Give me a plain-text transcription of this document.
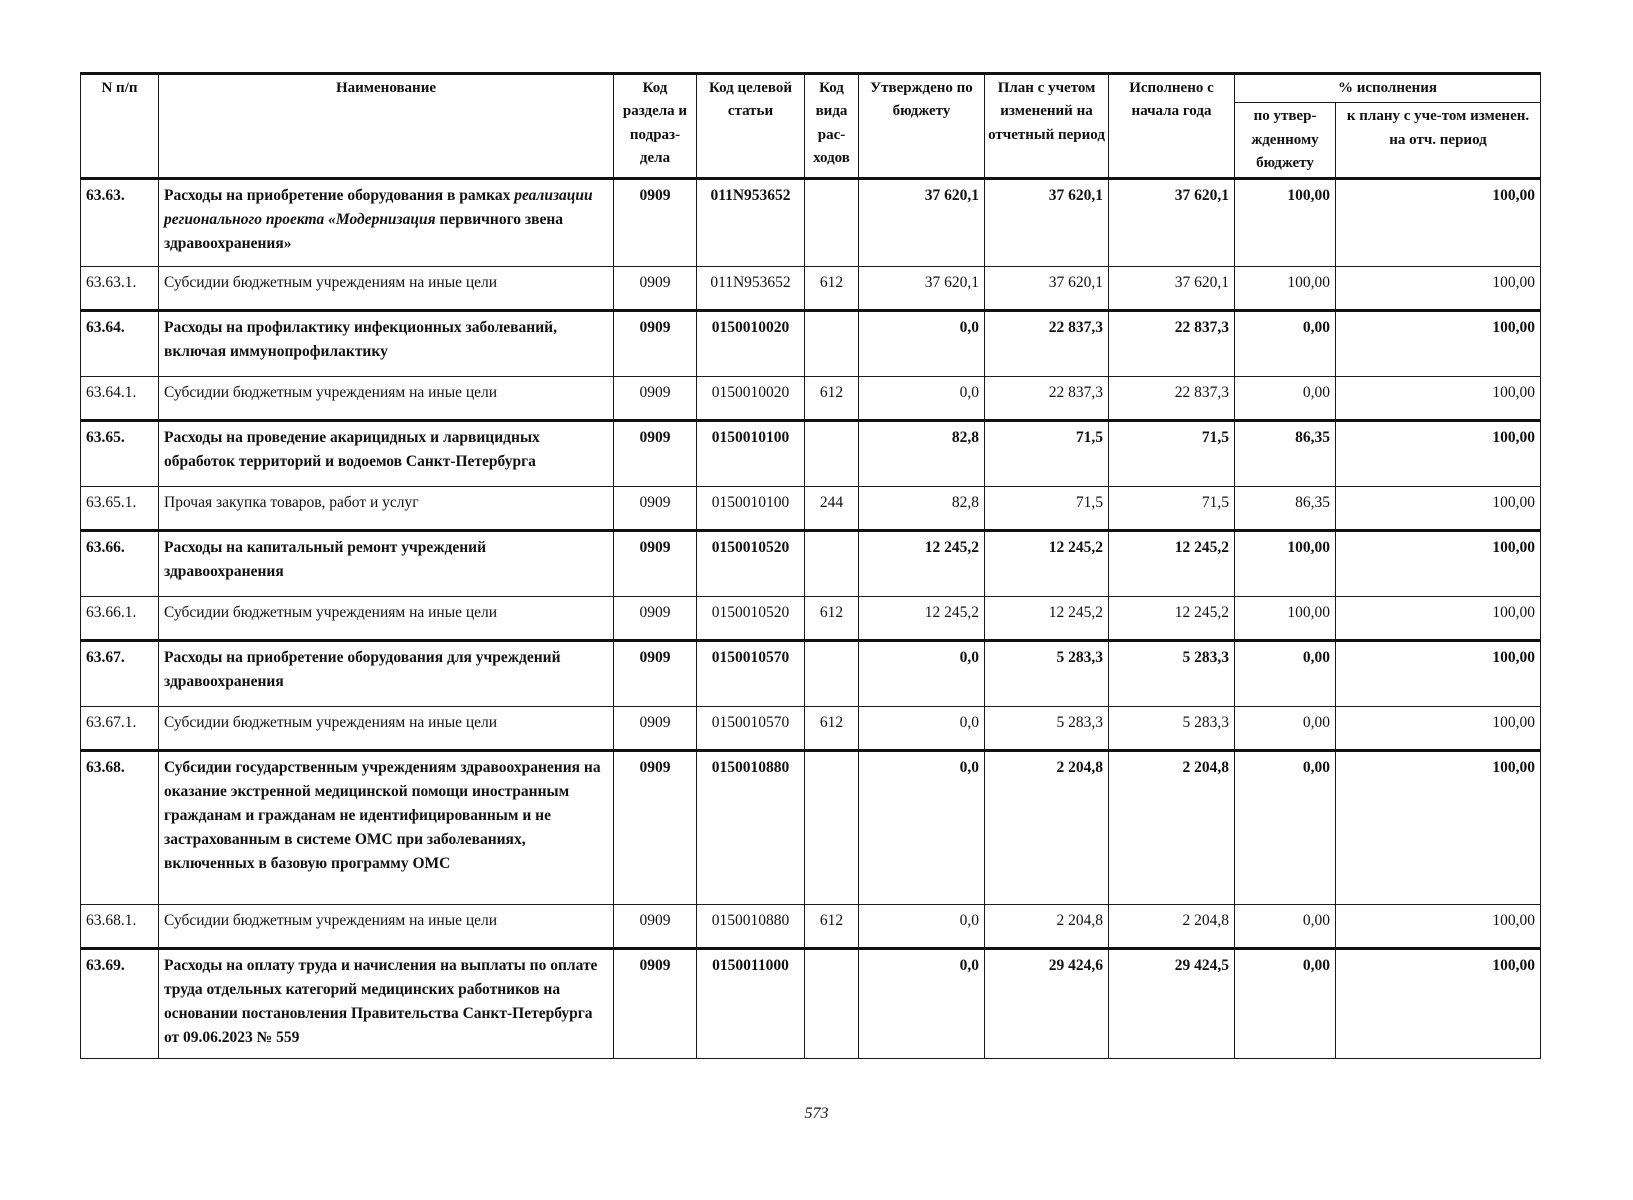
N п/п	Наименование	Код раздела и подраз-дела	Код целевой статьи	Код вида рас-ходов	Утверждено по бюджету	План с учетом изменений на отчетный период	Исполнено с начала года	% исполнения	
								по утвер-жденному бюджету	к плану с уче-том изменен. на отч. период
63.63.	Расходы на приобретение оборудования в рамках реализации регионального проекта «Модернизация первичного звена здравоохранения»	0909	011N953652		37 620,1	37 620,1	37 620,1	100,00	100,00
63.63.1.	Субсидии бюджетным учреждениям на иные цели	0909	011N953652	612	37 620,1	37 620,1	37 620,1	100,00	100,00
63.64.	Расходы на профилактику инфекционных заболеваний, включая иммунопрофилактику	0909	0150010020		0,0	22 837,3	22 837,3	0,00	100,00
63.64.1.	Субсидии бюджетным учреждениям на иные цели	0909	0150010020	612	0,0	22 837,3	22 837,3	0,00	100,00
63.65.	Расходы на проведение акарицидных и ларвицидных обработок территорий и водоемов Санкт-Петербурга	0909	0150010100		82,8	71,5	71,5	86,35	100,00
63.65.1.	Прочая закупка товаров, работ и услуг	0909	0150010100	244	82,8	71,5	71,5	86,35	100,00
63.66.	Расходы на капитальный ремонт учреждений здравоохранения	0909	0150010520		12 245,2	12 245,2	12 245,2	100,00	100,00
63.66.1.	Субсидии бюджетным учреждениям на иные цели	0909	0150010520	612	12 245,2	12 245,2	12 245,2	100,00	100,00
63.67.	Расходы на приобретение оборудования для учреждений здравоохранения	0909	0150010570		0,0	5 283,3	5 283,3	0,00	100,00
63.67.1.	Субсидии бюджетным учреждениям на иные цели	0909	0150010570	612	0,0	5 283,3	5 283,3	0,00	100,00
63.68.	Субсидии государственным учреждениям здравоохранения на оказание экстренной медицинской помощи иностранным гражданам и гражданам не идентифицированным и не застрахованным в системе ОМС при заболеваниях, включенных в базовую программу ОМС	0909	0150010880		0,0	2 204,8	2 204,8	0,00	100,00
63.68.1.	Субсидии бюджетным учреждениям на иные цели	0909	0150010880	612	0,0	2 204,8	2 204,8	0,00	100,00
63.69.	Расходы на оплату труда и начисления на выплаты по оплате труда отдельных категорий медицинских работников на основании постановления Правительства Санкт-Петербурга от 09.06.2023 № 559	0909	0150011000		0,0	29 424,6	29 424,5	0,00	100,00
573
